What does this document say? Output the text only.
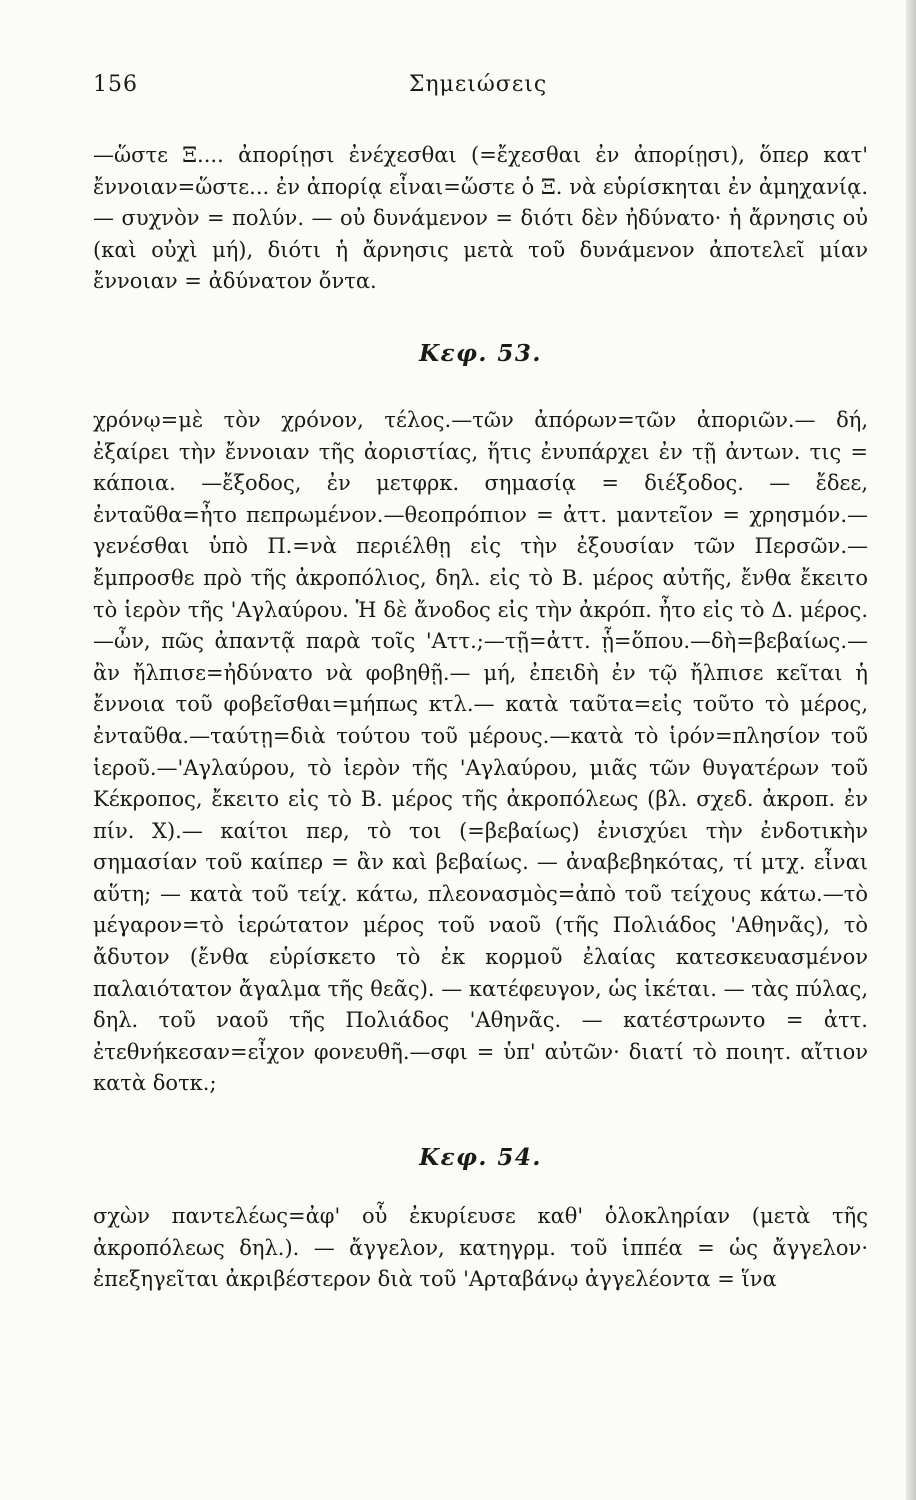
156	Σημειώσεις

—ὥστε Ξ.... ἀπορίῃσι ἐνέχεσθαι (=ἔχεσθαι ἐν ἀπορίῃσι), ὅπερ κατ' ἔννοιαν=ὥστε... ἐν ἀπορίᾳ εἶναι=ὥστε ὁ Ξ. νὰ εὑρίσκηται ἐν ἀμηχανίᾳ. — συχνὸν = πολύν. — οὐ δυνάμενον = διότι δὲν ἠδύνατο· ἡ ἄρνησις οὐ (καὶ οὐχὶ μή), διότι ἡ ἄρνησις μετὰ τοῦ δυνάμενον ἀποτελεῖ μίαν ἔννοιαν = ἀδύνατον ὄντα.

Κεφ. 53.

χρόνῳ=μὲ τὸν χρόνον, τέλος.—τῶν ἀπόρων=τῶν ἀποριῶν.— δή, ἐξαίρει τὴν ἔννοιαν τῆς ἀοριστίας, ἥτις ἐνυπάρχει ἐν τῇ ἀντων. τις = κάποια. —ἔξοδος, ἐν μετφρκ. σημασίᾳ = διέξοδος. — ἔδεε, ἐνταῦθα=ἦτο πεπρωμένον.—θεοπρόπιον = ἀττ. μαντεῖον = χρησμόν.—γενέσθαι ὑπὸ Π.=νὰ περιέλθῃ εἰς τὴν ἐξουσίαν τῶν Περσῶν.—ἔμπροσθε πρὸ τῆς ἀκροπόλιος, δηλ. εἰς τὸ Β. μέρος αὐτῆς, ἔνθα ἔκειτο τὸ ἱερὸν τῆς 'Αγλαύρου. Ἡ δὲ ἄνοδος εἰς τὴν ἀκρόπ. ἦτο εἰς τὸ Δ. μέρος.—ὦν, πῶς ἀπαντᾷ παρὰ τοῖς 'Αττ.;—τῇ=ἀττ. ᾗ=ὅπου.—δὴ=βεβαίως.—ἂν ἤλπισε=ἠδύνατο νὰ φοβηθῇ.— μή, ἐπειδὴ ἐν τῷ ἤλπισε κεῖται ἡ ἔννοια τοῦ φοβεῖσθαι=μήπως κτλ.— κατὰ ταῦτα=εἰς τοῦτο τὸ μέρος, ἐνταῦθα.—ταύτῃ=διὰ τούτου τοῦ μέρους.—κατὰ τὸ ἱρόν=πλησίον τοῦ ἱεροῦ.—'Αγλαύρου, τὸ ἱερὸν τῆς 'Αγλαύρου, μιᾶς τῶν θυγατέρων τοῦ Κέκροπος, ἔκειτο εἰς τὸ Β. μέρος τῆς ἀκροπόλεως (βλ. σχεδ. ἀκροπ. ἐν πίν. Χ).— καίτοι περ, τὸ τοι (=βεβαίως) ἐνισχύει τὴν ἐνδοτικὴν σημασίαν τοῦ καίπερ = ἂν καὶ βεβαίως. — ἀναβεβηκότας, τί μτχ. εἶναι αὕτη; — κατὰ τοῦ τείχ. κάτω, πλεονασμὸς=ἀπὸ τοῦ τείχους κάτω.—τὸ μέγαρον=τὸ ἱερώτατον μέρος τοῦ ναοῦ (τῆς Πολιάδος 'Αθηνᾶς), τὸ ἄδυτον (ἔνθα εὑρίσκετο τὸ ἐκ κορμοῦ ἐλαίας κατεσκευασμένον παλαιότατον ἄγαλμα τῆς θεᾶς). — κατέφευγον, ὡς ἱκέται. — τὰς πύλας, δηλ. τοῦ ναοῦ τῆς Πολιάδος 'Αθηνᾶς. — κατέστρωντο = ἀττ. ἐτεθνήκεσαν=εἶχον φονευθῆ.—σφι = ὑπ' αὐτῶν· διατί τὸ ποιητ. αἴτιον κατὰ δοτκ.;

Κεφ. 54.

σχὼν παντελέως=ἀφ' οὗ ἐκυρίευσε καθ' ὁλοκληρίαν (μετὰ τῆς ἀκροπόλεως δηλ.). — ἄγγελον, κατηγρμ. τοῦ ἱππέα = ὡς ἄγγελον· ἐπεξηγεῖται ἀκριβέστερον διὰ τοῦ 'Αρταβάνῳ ἀγγελέοντα = ἵνα
